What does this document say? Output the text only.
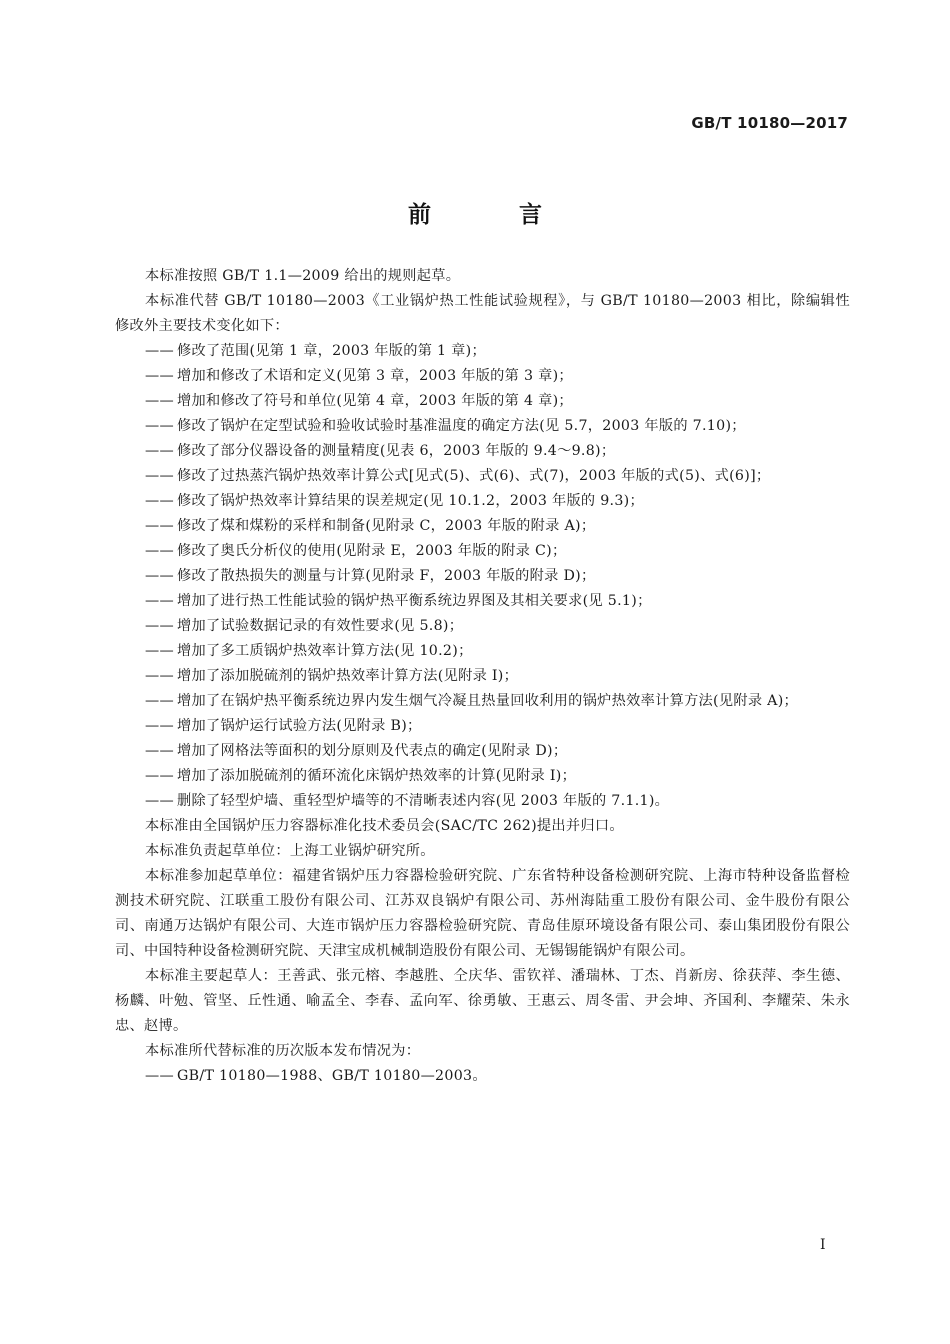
GB/T 10180—2017
前 言

本标准按照 GB/T 1.1—2009 给出的规则起草。

本标准代替 GB/T 10180—2003《工业锅炉热工性能试验规程》，与 GB/T 10180—2003 相比，除编辑性修改外主要技术变化如下：

—— 修改了范围(见第 1 章，2003 年版的第 1 章)；

—— 增加和修改了术语和定义(见第 3 章，2003 年版的第 3 章)；

—— 增加和修改了符号和单位(见第 4 章，2003 年版的第 4 章)；

—— 修改了锅炉在定型试验和验收试验时基准温度的确定方法(见 5.7，2003 年版的 7.10)；

—— 修改了部分仪器设备的测量精度(见表 6，2003 年版的 9.4～9.8)；

—— 修改了过热蒸汽锅炉热效率计算公式[见式(5)、式(6)、式(7)，2003 年版的式(5)、式(6)]；

—— 修改了锅炉热效率计算结果的误差规定(见 10.1.2，2003 年版的 9.3)；

—— 修改了煤和煤粉的采样和制备(见附录 C，2003 年版的附录 A)；

—— 修改了奥氏分析仪的使用(见附录 E，2003 年版的附录 C)；

—— 修改了散热损失的测量与计算(见附录 F，2003 年版的附录 D)；

—— 增加了进行热工性能试验的锅炉热平衡系统边界图及其相关要求(见 5.1)；

—— 增加了试验数据记录的有效性要求(见 5.8)；

—— 增加了多工质锅炉热效率计算方法(见 10.2)；

—— 增加了添加脱硫剂的锅炉热效率计算方法(见附录 I)；

—— 增加了在锅炉热平衡系统边界内发生烟气冷凝且热量回收利用的锅炉热效率计算方法(见附录 A)；

—— 增加了锅炉运行试验方法(见附录 B)；

—— 增加了网格法等面积的划分原则及代表点的确定(见附录 D)；

—— 增加了添加脱硫剂的循环流化床锅炉热效率的计算(见附录 I)；

—— 删除了轻型炉墙、重轻型炉墙等的不清晰表述内容(见 2003 年版的 7.1.1)。

本标准由全国锅炉压力容器标准化技术委员会(SAC/TC 262)提出并归口。

本标准负责起草单位：上海工业锅炉研究所。

本标准参加起草单位：福建省锅炉压力容器检验研究院、广东省特种设备检测研究院、上海市特种设备监督检测技术研究院、江联重工股份有限公司、江苏双良锅炉有限公司、苏州海陆重工股份有限公司、金牛股份有限公司、南通万达锅炉有限公司、大连市锅炉压力容器检验研究院、青岛佳原环境设备有限公司、泰山集团股份有限公司、中国特种设备检测研究院、天津宝成机械制造股份有限公司、无锡锡能锅炉有限公司。

本标准主要起草人：王善武、张元榕、李越胜、仝庆华、雷钦祥、潘瑞林、丁杰、肖新房、徐获萍、李生德、杨麟、叶勉、管坚、丘性通、喻孟全、李春、孟向军、徐勇敏、王惠云、周冬雷、尹会坤、齐国利、李耀荣、朱永忠、赵博。

本标准所代替标准的历次版本发布情况为：

—— GB/T 10180—1988、GB/T 10180—2003。

I
